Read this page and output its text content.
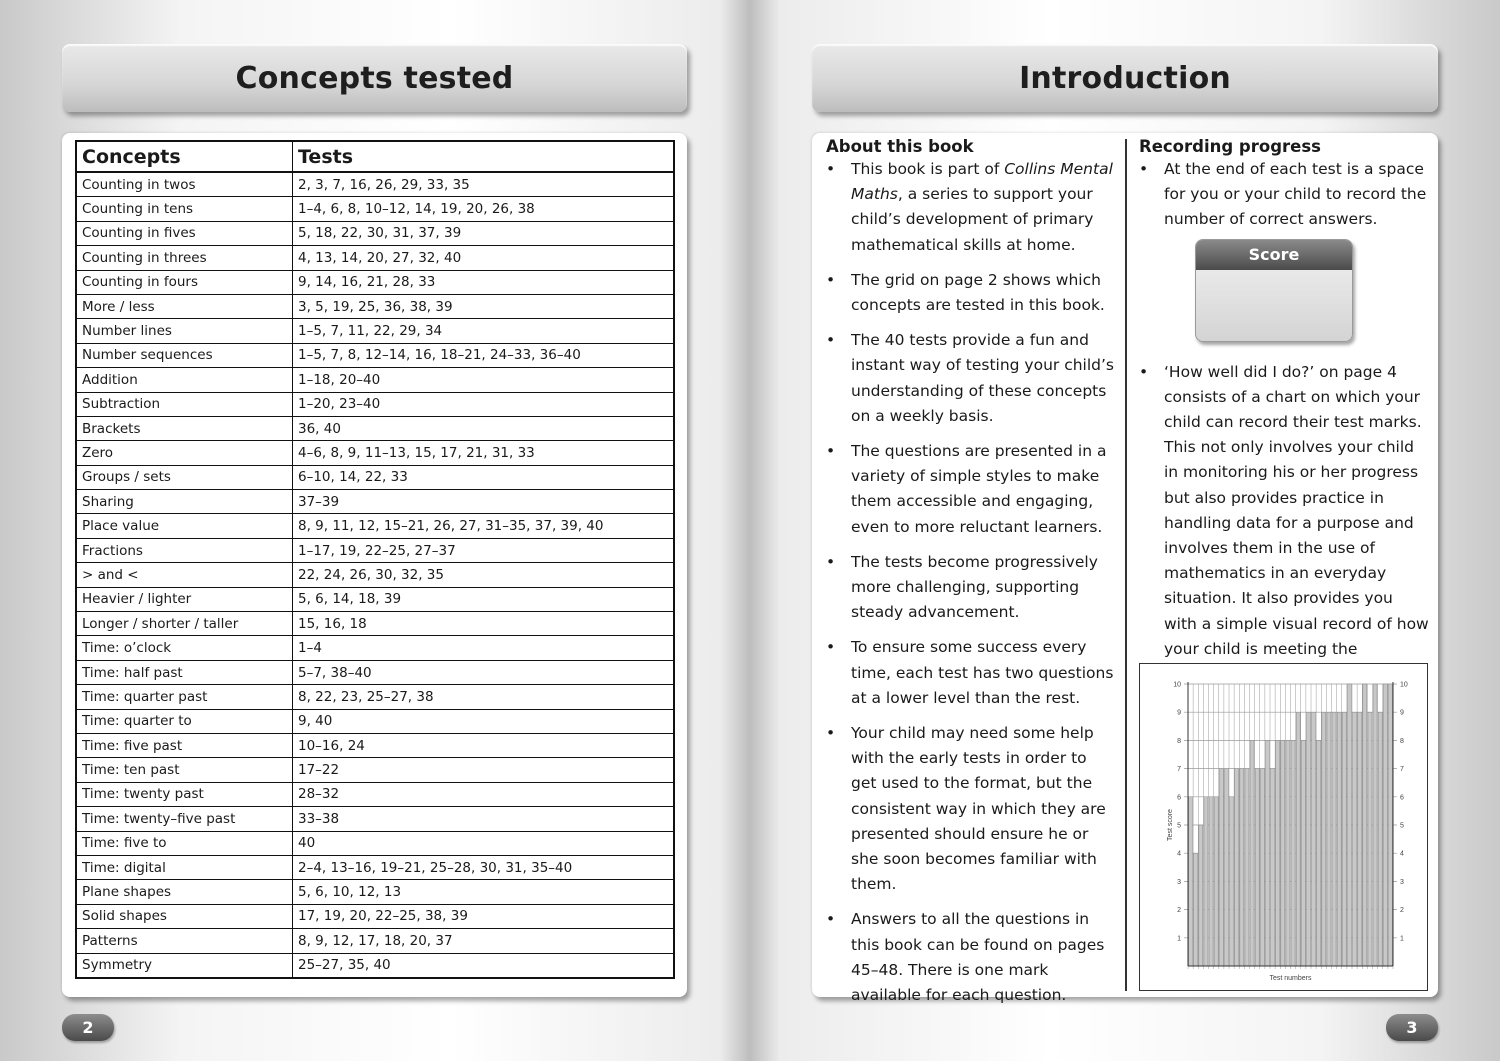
Concepts tested
Concepts	Tests
Counting in twos	2, 3, 7, 16, 26, 29, 33, 35
Counting in tens	1–4, 6, 8, 10–12, 14, 19, 20, 26, 38
Counting in fives	5, 18, 22, 30, 31, 37, 39
Counting in threes	4, 13, 14, 20, 27, 32, 40
Counting in fours	9, 14, 16, 21, 28, 33
More / less	3, 5, 19, 25, 36, 38, 39
Number lines	1–5, 7, 11, 22, 29, 34
Number sequences	1–5, 7, 8, 12–14, 16, 18–21, 24–33, 36–40
Addition	1–18, 20–40
Subtraction	1–20, 23–40
Brackets	36, 40
Zero	4–6, 8, 9, 11–13, 15, 17, 21, 31, 33
Groups / sets	6–10, 14, 22, 33
Sharing	37–39
Place value	8, 9, 11, 12, 15–21, 26, 27, 31–35, 37, 39, 40
Fractions	1–17, 19, 22–25, 27–37
> and <	22, 24, 26, 30, 32, 35
Heavier / lighter	5, 6, 14, 18, 39
Longer / shorter / taller	15, 16, 18
Time: o’clock	1–4
Time: half past	5–7, 38–40
Time: quarter past	8, 22, 23, 25–27, 38
Time: quarter to	9, 40
Time: five past	10–16, 24
Time: ten past	17–22
Time: twenty past	28–32
Time: twenty–five past	33–38
Time: five to	40
Time: digital	2–4, 13–16, 19–21, 25–28, 30, 31, 35–40
Plane shapes	5, 6, 10, 12, 13
Solid shapes	17, 19, 20, 22–25, 38, 39
Patterns	8, 9, 12, 17, 18, 20, 37
Symmetry	25–27, 35, 40
2
Introduction
About this book
• This book is part of Collins Mental Maths, a series to support your child’s development of primary mathematical skills at home.
• The grid on page 2 shows which concepts are tested in this book.
• The 40 tests provide a fun and instant way of testing your child’s understanding of these concepts on a weekly basis.
• The questions are presented in a variety of simple styles to make them accessible and engaging, even to more reluctant learners.
• The tests become progressively more challenging, supporting steady advancement.
• To ensure some success every time, each test has two questions at a lower level than the rest.
• Your child may need some help with the early tests in order to get used to the format, but the consistent way in which they are presented should ensure he or she soon becomes familiar with them.
• Answers to all the questions in this book can be found on pages 45–48. There is one mark available for each question.
Recording progress
• At the end of each test is a space for you or your child to record the number of correct answers.
Score
• ‘How well did I do?’ on page 4 consists of a chart on which your child can record their test marks. This not only involves your child in monitoring his or her progress but also provides practice in handling data for a purpose and involves them in the use of mathematics in an everyday situation. It also provides you with a simple visual record of how your child is meeting the
1	1
2	2
3	3
4	4
5	5
6	6
7	7
8	8
9	9
10	10
Test score
Test numbers
3
